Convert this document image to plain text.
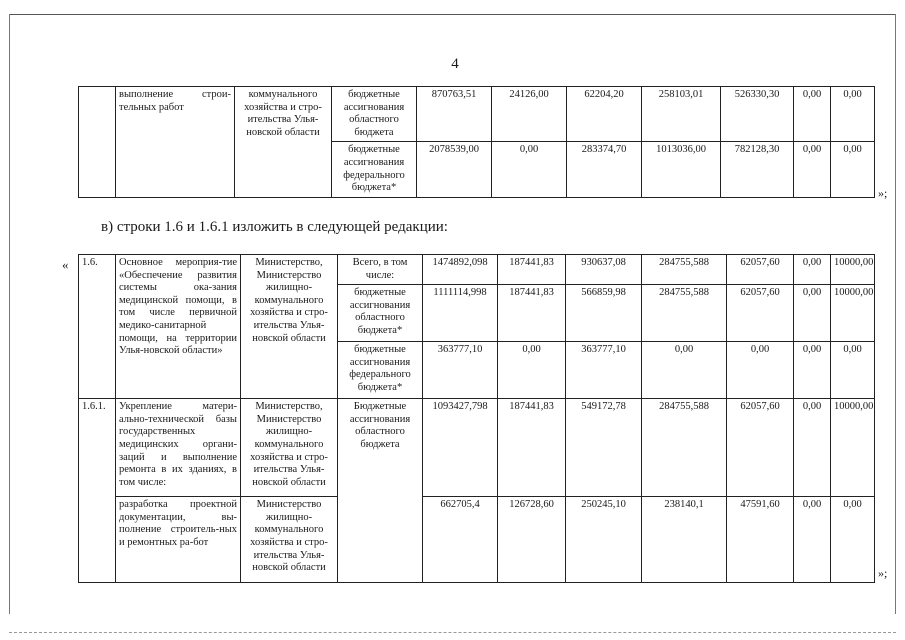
4
	выполнение строи-тельных работ	коммунального хозяйства и стро-ительства Улья-новской области	бюджетные ассигнования областного бюджета	870763,51	24126,00	62204,20	258103,01	526330,30	0,00	0,00
			бюджетные ассигнования федерального бюджета*	2078539,00	0,00	283374,70	1013036,00	782128,30	0,00	0,00
»;
в) строки 1.6 и 1.6.1 изложить в следующей редакции:
« 1.6.	Основное мероприя-тие «Обеспечение развития системы ока-зания медицинской помощи, в том числе первичной медико-санитарной помощи, на территории Улья-новской области»	Министерство, Министерство жилищно-коммунального хозяйства и стро-ительства Улья-новской области	Всего, в том числе:	1474892,098	187441,83	930637,08	284755,588	62057,60	0,00	10000,00
			бюджетные ассигнования областного бюджета*	1111114,998	187441,83	566859,98	284755,588	62057,60	0,00	10000,00
			бюджетные ассигнования федерального бюджета*	363777,10	0,00	363777,10	0,00	0,00	0,00	0,00
1.6.1.	Укрепление матери-ально-технической базы государственных медицинских органи-заций и выполнение ремонта в их зданиях, в том числе:	Министерство, Министерство жилищно-коммунального хозяйства и стро-ительства Улья-новской области	Бюджетные ассигнования областного бюджета	1093427,798	187441,83	549172,78	284755,588	62057,60	0,00	10000,00
	разработка проектной документации, вы-полнение строитель-ных и ремонтных ра-бот	Министерство жилищно-коммунального хозяйства и стро-ительства Улья-новской области		662705,4	126728,60	250245,10	238140,1	47591,60	0,00	0,00
»;
